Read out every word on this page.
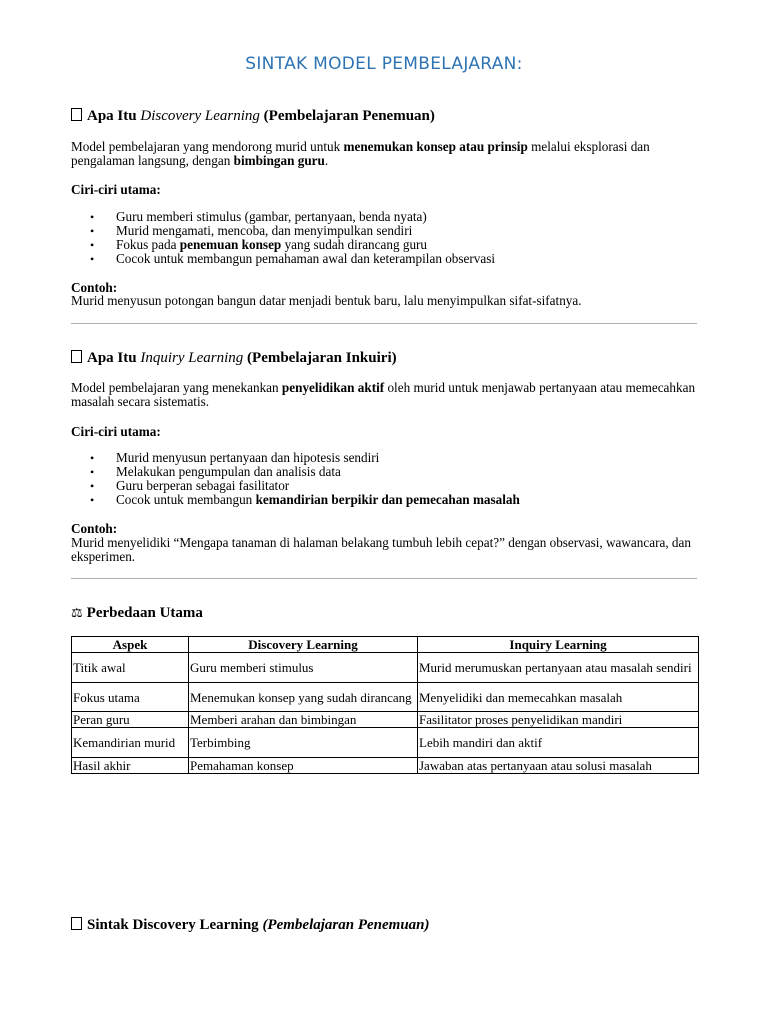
SINTAK MODEL PEMBELAJARAN:
Apa Itu Discovery Learning (Pembelajaran Penemuan)
Model pembelajaran yang mendorong murid untuk menemukan konsep atau prinsip melalui eksplorasi dan pengalaman langsung, dengan bimbingan guru.
Ciri-ciri utama:
• Guru memberi stimulus (gambar, pertanyaan, benda nyata)
• Murid mengamati, mencoba, dan menyimpulkan sendiri
• Fokus pada penemuan konsep yang sudah dirancang guru
• Cocok untuk membangun pemahaman awal dan keterampilan observasi
Contoh:
Murid menyusun potongan bangun datar menjadi bentuk baru, lalu menyimpulkan sifat-sifatnya.
Apa Itu Inquiry Learning (Pembelajaran Inkuiri)
Model pembelajaran yang menekankan penyelidikan aktif oleh murid untuk menjawab pertanyaan atau memecahkan masalah secara sistematis.
Ciri-ciri utama:
• Murid menyusun pertanyaan dan hipotesis sendiri
• Melakukan pengumpulan dan analisis data
• Guru berperan sebagai fasilitator
• Cocok untuk membangun kemandirian berpikir dan pemecahan masalah
Contoh:
Murid menyelidiki “Mengapa tanaman di halaman belakang tumbuh lebih cepat?” dengan observasi, wawancara, dan eksperimen.
⚖ Perbedaan Utama
Aspek	Discovery Learning	Inquiry Learning
Titik awal	Guru memberi stimulus	Murid merumuskan pertanyaan atau masalah sendiri
Fokus utama	Menemukan konsep yang sudah dirancang	Menyelidiki dan memecahkan masalah
Peran guru	Memberi arahan dan bimbingan	Fasilitator proses penyelidikan mandiri
Kemandirian murid	Terbimbing	Lebih mandiri dan aktif
Hasil akhir	Pemahaman konsep	Jawaban atas pertanyaan atau solusi masalah
Sintak Discovery Learning (Pembelajaran Penemuan)
